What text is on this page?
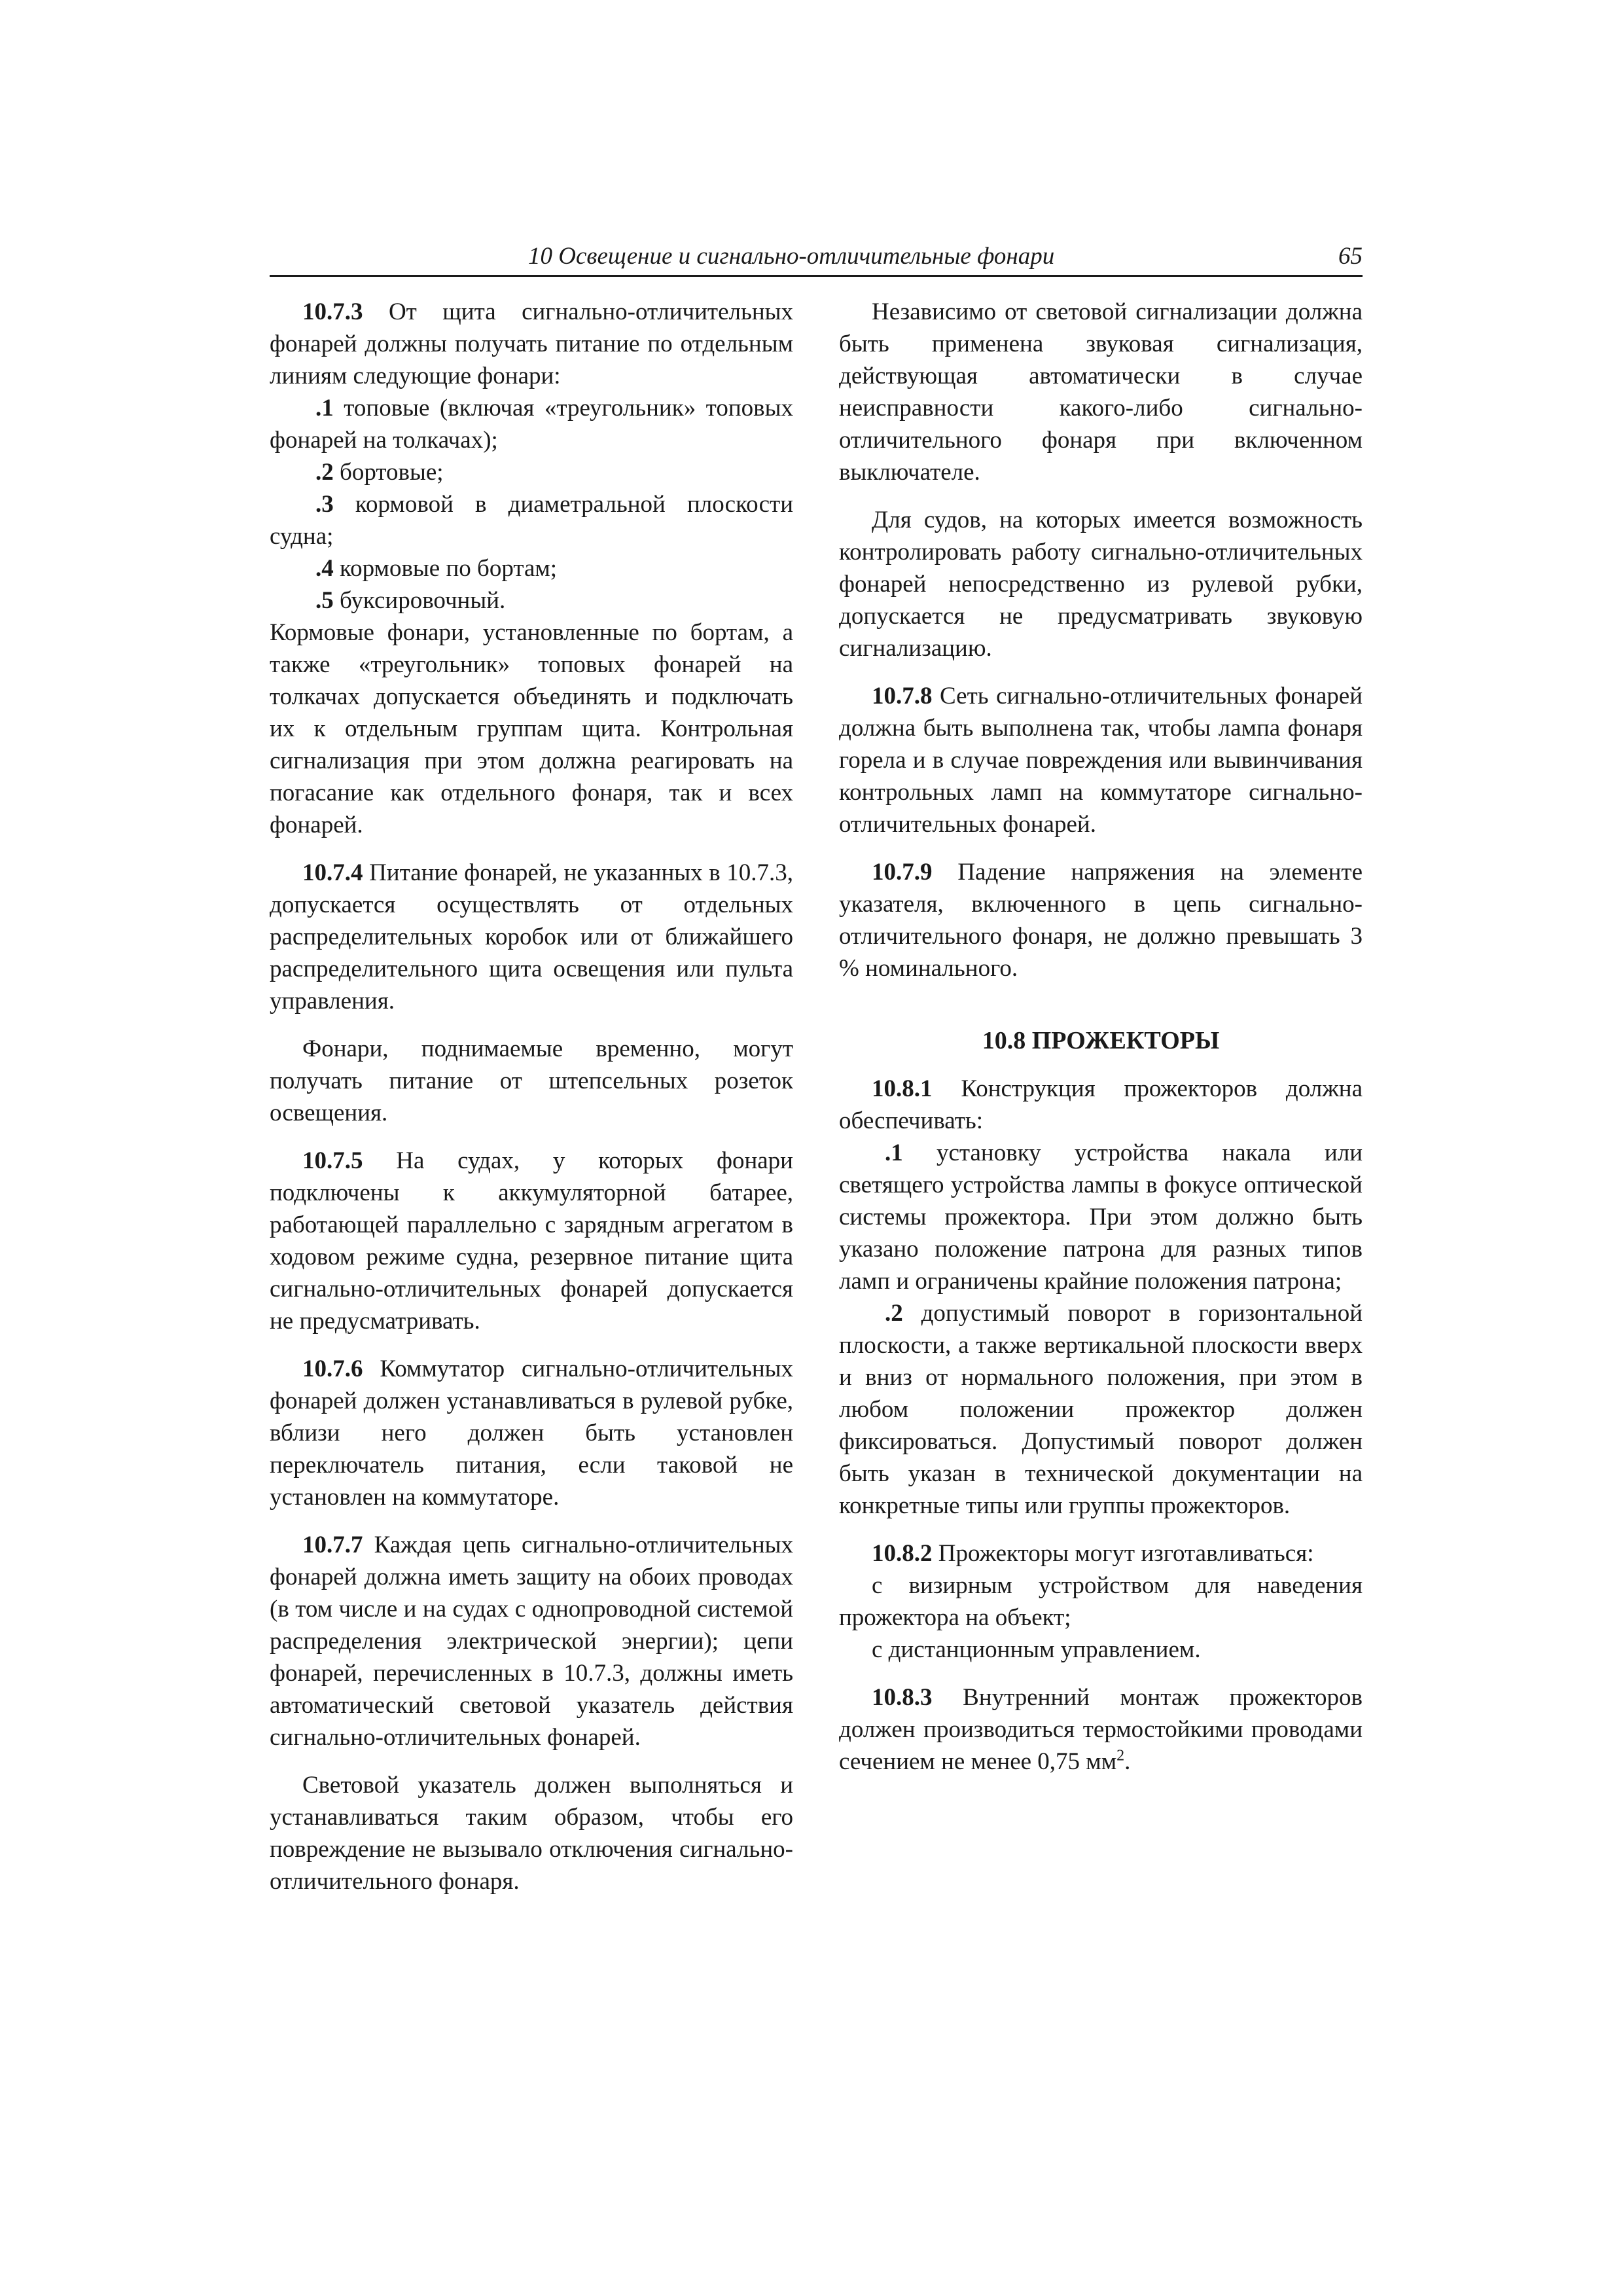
10 Освещение и сигнально-отличительные фонари	65

10.7.3 От щита сигнально-отличительных фонарей должны получать питание по отдельным линиям следующие фонари:

.1 топовые (включая «треугольник» топовых фонарей на толкачах);

.2 бортовые;

.3 кормовой в диаметральной плоскости судна;

.4 кормовые по бортам;

.5 буксировочный.

Кормовые фонари, установленные по бортам, а также «треугольник» топовых фонарей на толкачах допускается объединять и подключать их к отдельным группам щита. Контрольная сигнализация при этом должна реагировать на погасание как отдельного фонаря, так и всех фонарей.

10.7.4 Питание фонарей, не указанных в 10.7.3, допускается осуществлять от отдельных распределительных коробок или от ближайшего распределительного щита освещения или пульта управления.

Фонари, поднимаемые временно, могут получать питание от штепсельных розеток освещения.

10.7.5 На судах, у которых фонари подключены к аккумуляторной батарее, работающей параллельно с зарядным агрегатом в ходовом режиме судна, резервное питание щита сигнально-отличительных фонарей допускается не предусматривать.

10.7.6 Коммутатор сигнально-отличительных фонарей должен устанавливаться в рулевой рубке, вблизи него должен быть установлен переключатель питания, если таковой не установлен на коммутаторе.

10.7.7 Каждая цепь сигнально-отличительных фонарей должна иметь защиту на обоих проводах (в том числе и на судах с однопроводной системой распределения электрической энергии); цепи фонарей, перечисленных в 10.7.3, должны иметь автоматический световой указатель действия сигнально-отличительных фонарей.

Световой указатель должен выполняться и устанавливаться таким образом, чтобы его повреждение не вызывало отключения сигнально-отличительного фонаря.

Независимо от световой сигнализации должна быть применена звуковая сигнализация, действующая автоматически в случае неисправности какого-либо сигнально-отличительного фонаря при включенном выключателе.

Для судов, на которых имеется возможность контролировать работу сигнально-отличительных фонарей непосредственно из рулевой рубки, допускается не предусматривать звуковую сигнализацию.

10.7.8 Сеть сигнально-отличительных фонарей должна быть выполнена так, чтобы лампа фонаря горела и в случае повреждения или вывинчивания контрольных ламп на коммутаторе сигнально-отличительных фонарей.

10.7.9 Падение напряжения на элементе указателя, включенного в цепь сигнально-отличительного фонаря, не должно превышать 3 % номинального.

10.8 ПРОЖЕКТОРЫ

10.8.1 Конструкция прожекторов должна обеспечивать:

.1 установку устройства накала или светящего устройства лампы в фокусе оптической системы прожектора. При этом должно быть указано положение патрона для разных типов ламп и ограничены крайние положения патрона;

.2 допустимый поворот в горизонтальной плоскости, а также вертикальной плоскости вверх и вниз от нормального положения, при этом в любом положении прожектор должен фиксироваться. Допустимый поворот должен быть указан в технической документации на конкретные типы или группы прожекторов.

10.8.2 Прожекторы могут изготавливаться:

с визирным устройством для наведения прожектора на объект;

с дистанционным управлением.

10.8.3 Внутренний монтаж прожекторов должен производиться термостойкими проводами сечением не менее 0,75 $мм^2$.
